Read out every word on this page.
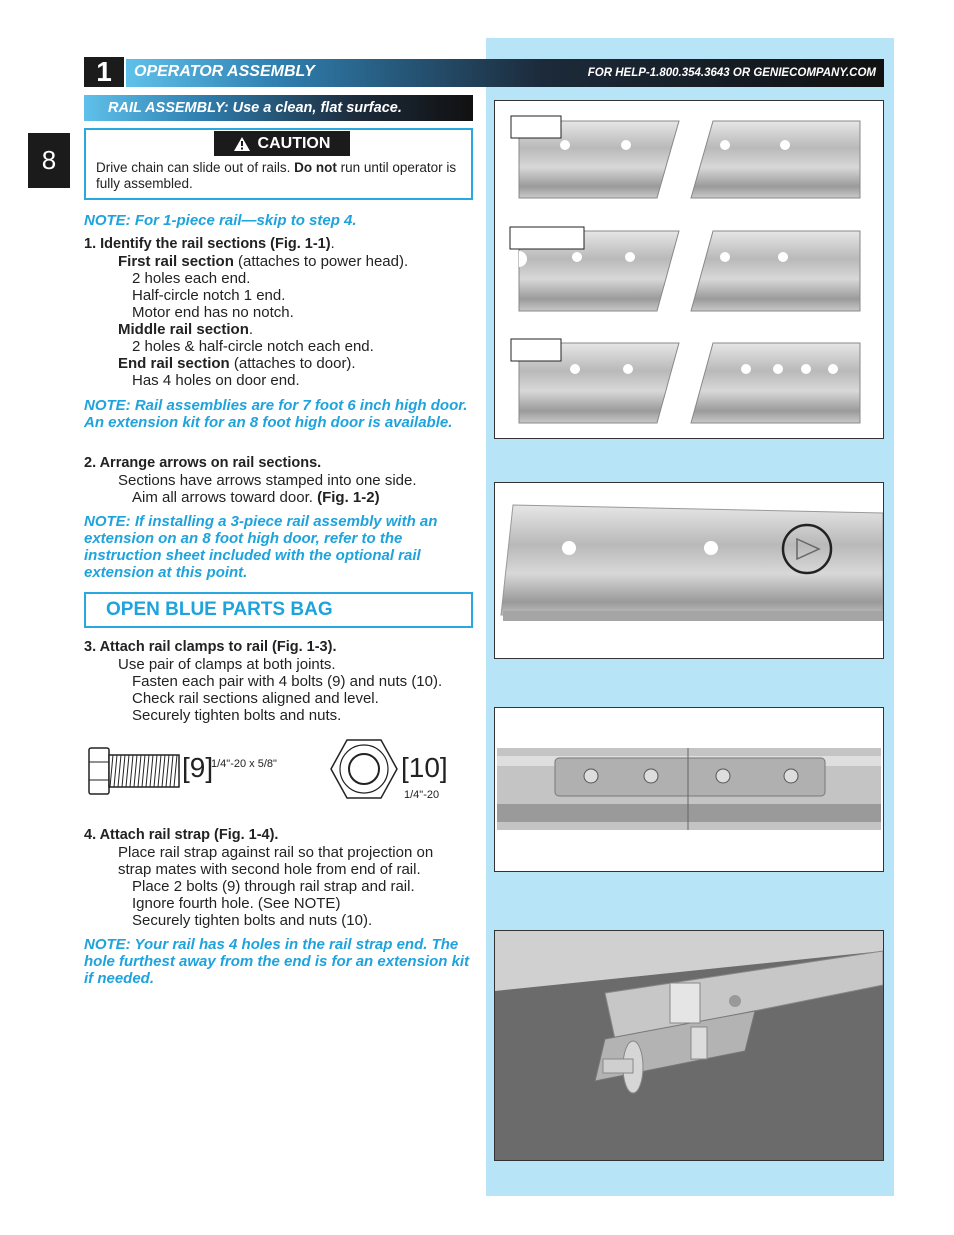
8
1	OPERATOR ASSEMBLY	FOR HELP-1.800.354.3643 OR GENIECOMPANY.COM
RAIL ASSEMBLY: Use a clean, flat surface.
CAUTION
Drive chain can slide out of rails. Do not run until operator is fully assembled.
NOTE: For 1-piece rail—skip to step 4.
1. Identify the rail sections (Fig. 1-1).
First rail section (attaches to power head).
2 holes each end.
Half-circle notch 1 end.
Motor end has no notch.
Middle rail section.
2 holes & half-circle notch each end.
End rail section (attaches to door).
Has 4 holes on door end.
NOTE: Rail assemblies are for 7 foot 6 inch high door. An extension kit for an 8 foot high door is available.
2. Arrange arrows on rail sections.
Sections have arrows stamped into one side.
Aim all arrows toward door. (Fig. 1-2)
NOTE: If installing a 3-piece rail assembly with an extension on an 8 foot high door, refer to the instruction sheet included with the optional rail extension at this point.
OPEN BLUE PARTS BAG
3. Attach rail clamps to rail (Fig. 1-3).
Use pair of clamps at both joints.
Fasten each pair with 4 bolts (9) and nuts (10).
Check rail sections aligned and level.
Securely tighten bolts and nuts.
[9]
1/4"-20 x 5/8"	[10]
1/4"-20
4. Attach rail strap (Fig. 1-4).
Place rail strap against rail so that projection on
strap mates with second hole from end of rail.
Place 2 bolts (9) through rail strap and rail.
Ignore fourth hole. (See NOTE)
Securely tighten bolts and nuts (10).
NOTE: Your rail has 4 holes in the rail strap end. The hole furthest away from the end is for an extension kit if needed.
